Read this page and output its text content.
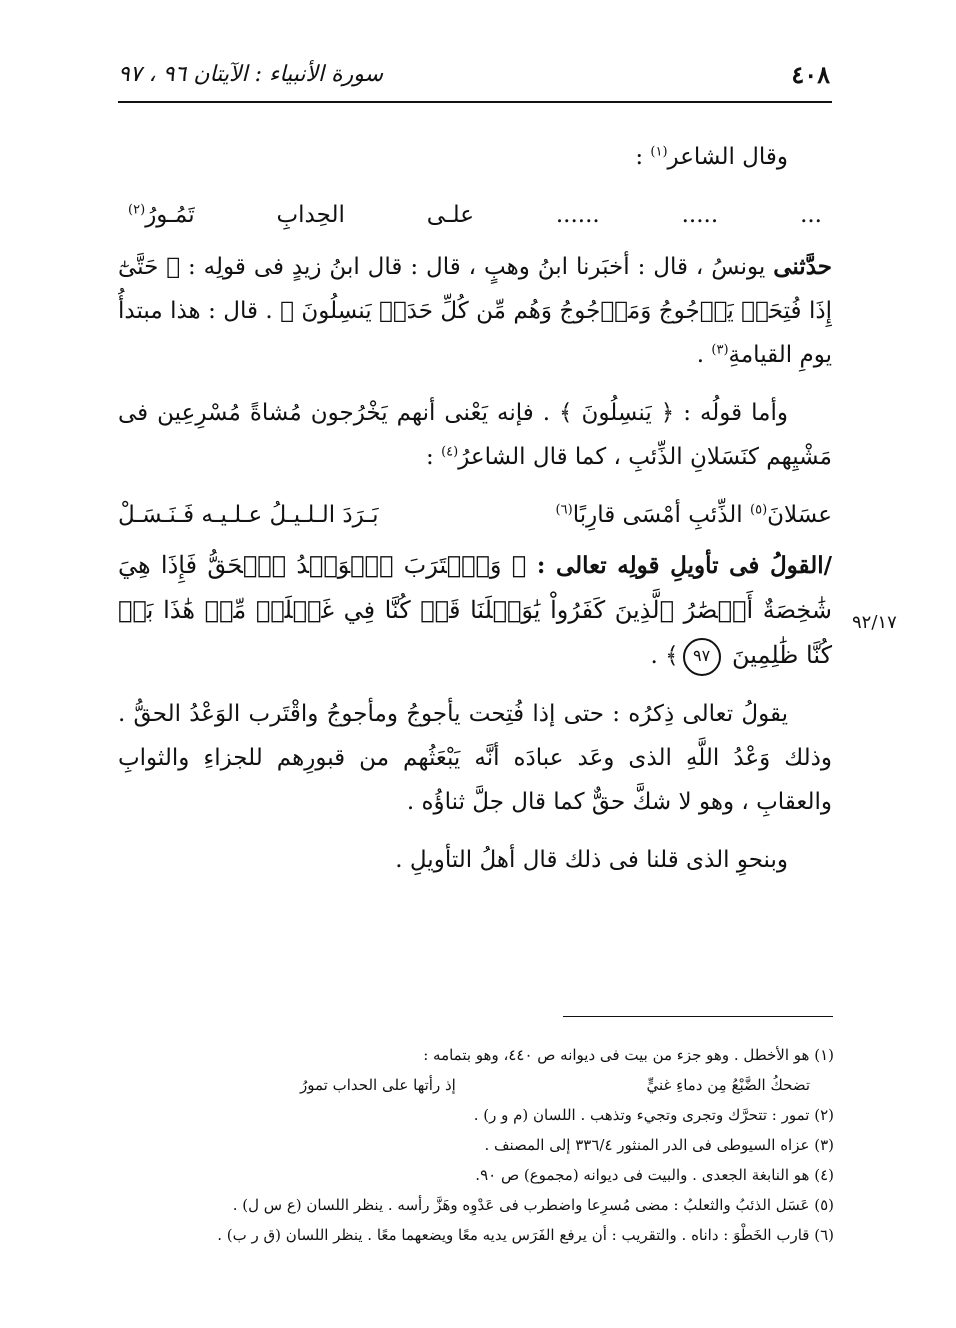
٤٠٨
سورة الأنبياء : الآيتان ٩٦ ، ٩٧

وقال الشاعر$^{(١)}$ :

...
.....
......
علـى
الحِدابِ
تَمُـورُ$^{(٢)}$

حدَّثنى يونسُ ، قال : أخبَرنا ابنُ وهبٍ ، قال : قال ابنُ زيدٍ فى قولِه : ﴿ حَتَّىٰٓ إِذَا فُتِحَتۡ يَأۡجُوجُ وَمَأۡجُوجُ وَهُم مِّن كُلِّ حَدَبٖ يَنسِلُونَ ﴾ . قال : هذا مبتدأُ يومِ القيامةِ$^{(٣)}$ .

وأما قولُه : ﴿ يَنسِلُونَ ﴾ . فإنه يَعْنى أنهم يَخْرُجون مُشاةً مُسْرِعِين فى مَشْيِهم كنَسَلانِ الذِّئبِ ، كما قال الشاعرُ$^{(٤)}$ :

عسَلانَ$^{(٥)}$ الذِّئبِ أمْسَى قارِبًا$^{(٦)}$
بَـرَدَ الـلـيـلُ عـلـيـه فَـنَـسَـلْ

/القولُ فى تأويلِ قولِه تعالى : ﴿ وَٱقۡتَرَبَ ٱلۡوَعۡدُ ٱلۡحَقُّ فَإِذَا هِيَ شَٰخِصَةٌ أَبۡصَٰرُ ٱلَّذِينَ كَفَرُواْ يَٰوَيۡلَنَا قَدۡ كُنَّا فِي غَفۡلَةٖ مِّنۡ هَٰذَا بَلۡ كُنَّا ظَٰلِمِينَ ٩٧﴾ .

يقولُ تعالى ذِكرُه : حتى إذا فُتِحت يأجوجُ ومأجوجُ واقْتَرب الوَعْدُ الحقُّ . وذلك وَعْدُ اللَّهِ الذى وعَد عبادَه أنَّه يَبْعَثُهم من قبورِهم للجزاءِ والثوابِ والعقابِ ، وهو لا شكَّ حقٌّ كما قال جلَّ ثناؤُه .

وبنحوِ الذى قلنا فى ذلك قال أهلُ التأويلِ .

٩٢/١٧

(١) هو الأخطل . وهو جزء من بيت فى ديوانه ص ٤٤٠، وهو بتمامه :

تضحكُ الضَّبْعُ مِن دماءِ غنيٍّ
إذ رأتها على الحداب تمورُ

(٢) تمور : تتحرَّك وتجرى وتجيء وتذهب . اللسان (م و ر) .

(٣) عزاه السيوطى فى الدر المنثور ٣٣٦/٤ إلى المصنف .

(٤) هو النابغة الجعدى . والبيت فى ديوانه (مجموع) ص ٩٠.

(٥) عَسَل الذئبُ والثعلبُ : مضى مُسرِعا واضطرب فى عَدْوِه وهَزَّ رأسه . ينظر اللسان (ع س ل) .

(٦) قارب الخَطْوَ : داناه . والتقريب : أن يرفع الفَرَس يديه معًا ويضعهما معًا . ينظر اللسان (ق ر ب) .
